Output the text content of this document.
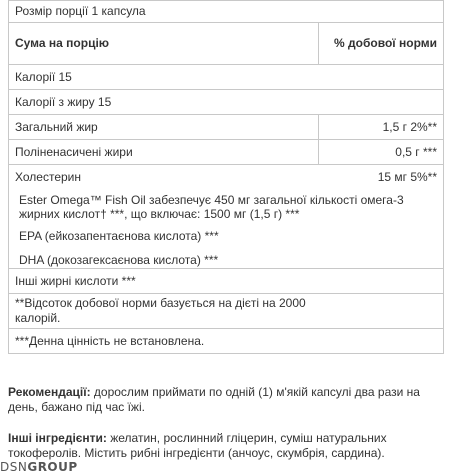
Розмір порції 1 капсула	
Сума на порцію	% добової норми
Калорії 15	
Калорії з жиру 15	
Загальний жир	1,5 г 2%**
Поліненасичені жири	0,5 г ***

Холестерин 15 мг 5%**
Ester Omega™ Fish Oil забезпечує 450 мг загальної кількості омега-3 жирних кислот† ***, що включає: 1500 мг (1,5 г) ***
EPA (ейкозапентаєнова кислота) ***
DHA (докозагексаєнова кислота) ***	

Інші жирні кислоти ***	
**Відсоток добової норми базується на дієті на 2000 калорій.	
***Денна цінність не встановлена.	
Рекомендації: дорослим приймати по одній (1) м'якій капсулі два рази на день, бажано під час їжі.
Інші інгредієнти: желатин, рослинний гліцерин, суміш натуральних токоферолів. Містить рибні інгредієнти (анчоус, скумбрія, сардина).
DSNGROUP
